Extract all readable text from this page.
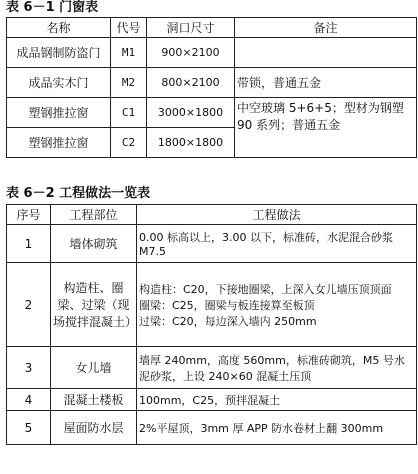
表 6－1 门窗表
名称	代号	洞口尺寸	备注
成品钢制防盗门	M1	900×2100	
成品实木门	M2	800×2100	带锁，普通五金
塑钢推拉窗	C1	3000×1800	中空玻璃 5+6+5；型材为钢塑 90 系列；普通五金
塑钢推拉窗	C2	1800×1800	
表 6－2 工程做法一览表
序号	工程部位	工程做法
1	墙体砌筑	0.00 标高以上，3.00 以下，标准砖，水泥混合砂浆 M7.5
2	构造柱、圈梁、过梁（现场搅拌混凝土）	构造柱：C20，下接地圈梁，上深入女儿墙压顶顶面
圈梁：C25，圈梁与板连接算至板顶
过梁：C20，每边深入墙内 250mm

3	女儿墙	墙厚 240mm，高度 560mm，标准砖砌筑，M5 号水泥砂浆，上设 240×60 混凝土压顶
4	混凝土楼板	100mm，C25，预拌混凝土
5	屋面防水层	2%平屋顶，3mm 厚 APP 防水卷材上翻 300mm
